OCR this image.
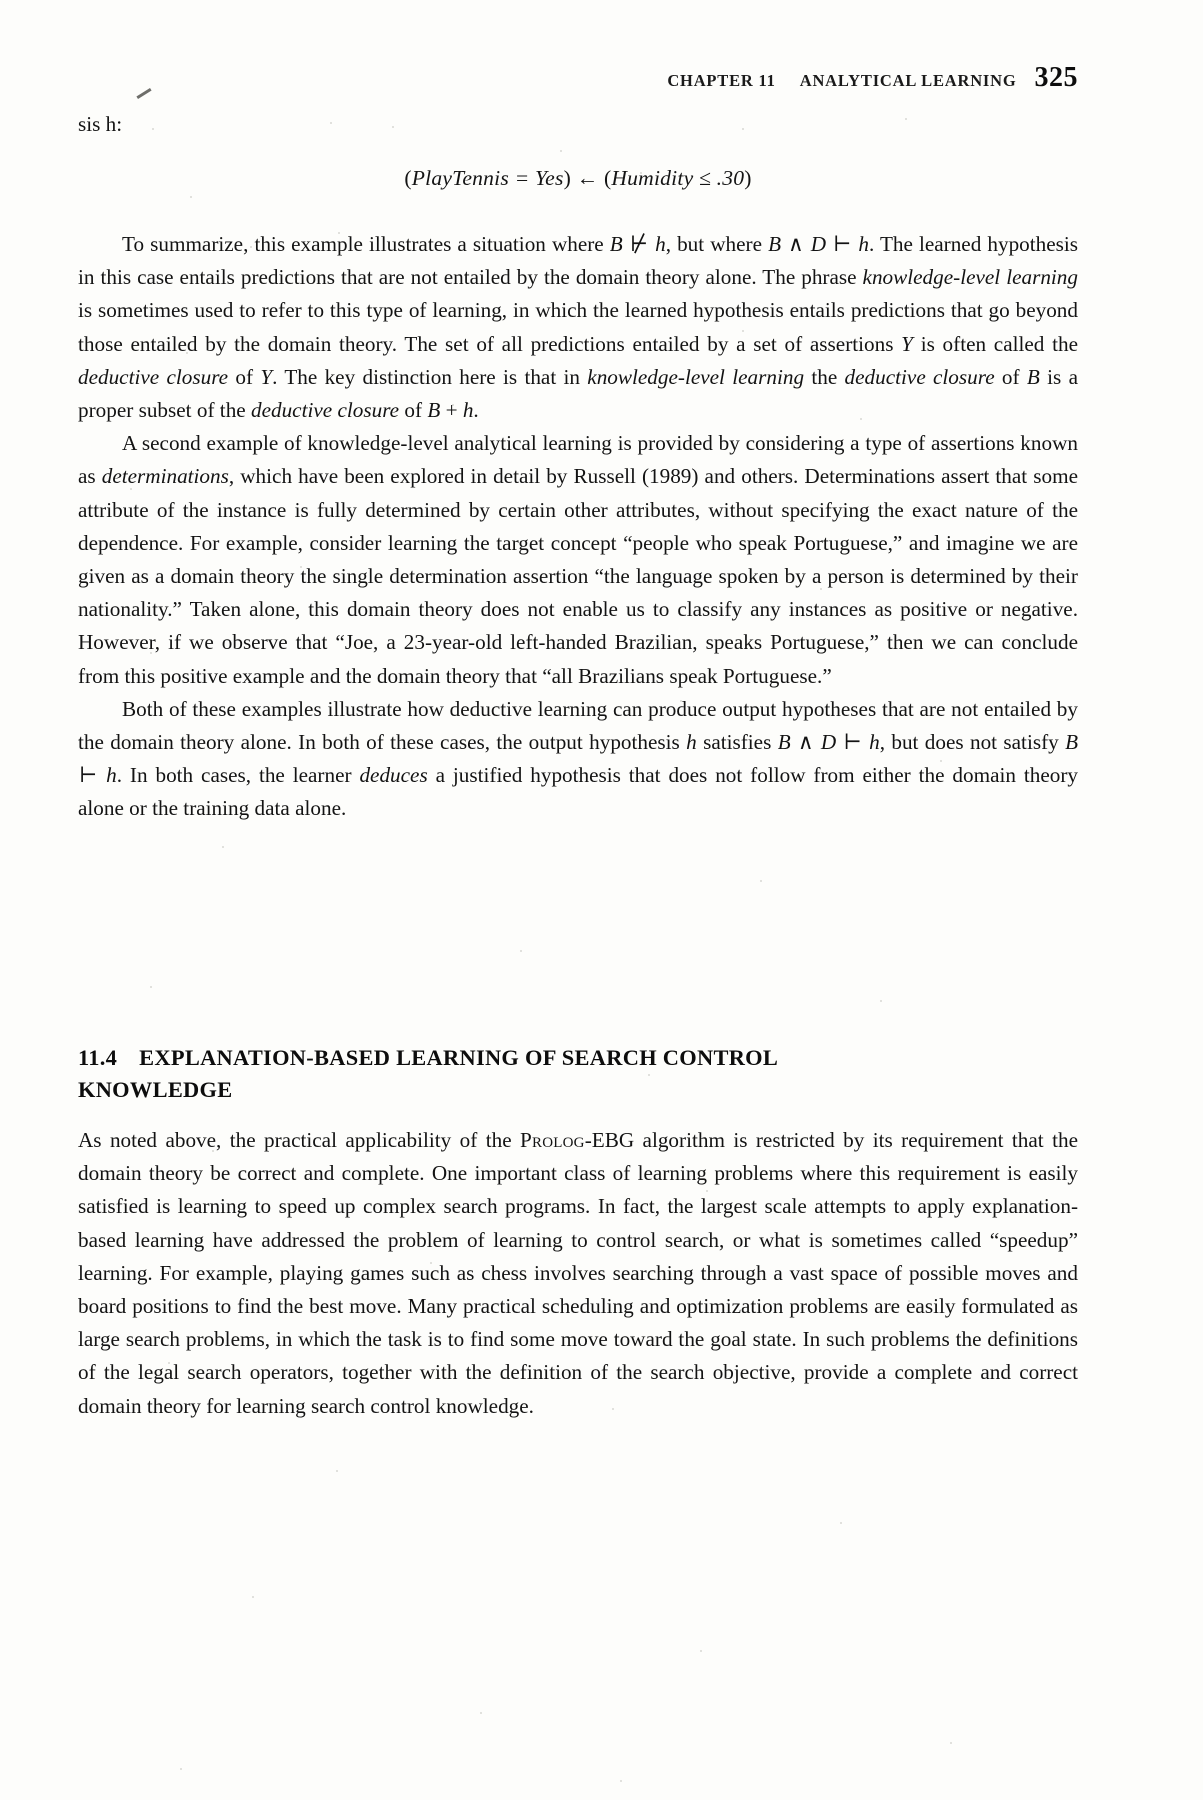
CHAPTER 11 ANALYTICAL LEARNING 325
sis h:
(PlayTennis = Yes) ← (Humidity ≤ .30)

To summarize, this example illustrates a situation where B ⊬ h, but where B ∧ D ⊢ h. The learned hypothesis in this case entails predictions that are not entailed by the domain theory alone. The phrase knowledge-level learning is sometimes used to refer to this type of learning, in which the learned hypothesis entails predictions that go beyond those entailed by the domain theory. The set of all predictions entailed by a set of assertions Y is often called the deductive closure of Y. The key distinction here is that in knowledge-level learning the deductive closure of B is a proper subset of the deductive closure of B + h.

A second example of knowledge-level analytical learning is provided by considering a type of assertions known as determinations, which have been explored in detail by Russell (1989) and others. Determinations assert that some attribute of the instance is fully determined by certain other attributes, without specifying the exact nature of the dependence. For example, consider learning the target concept “people who speak Portuguese,” and imagine we are given as a domain theory the single determination assertion “the language spoken by a person is determined by their nationality.” Taken alone, this domain theory does not enable us to classify any instances as positive or negative. However, if we observe that “Joe, a 23-year-old left-handed Brazilian, speaks Portuguese,” then we can conclude from this positive example and the domain theory that “all Brazilians speak Portuguese.”

Both of these examples illustrate how deductive learning can produce output hypotheses that are not entailed by the domain theory alone. In both of these cases, the output hypothesis h satisfies B ∧ D ⊢ h, but does not satisfy B ⊢ h. In both cases, the learner deduces a justified hypothesis that does not follow from either the domain theory alone or the training data alone.

11.4 EXPLANATION-BASED LEARNING OF SEARCH CONTROL
KNOWLEDGE

As noted above, the practical applicability of the Prolog-EBG algorithm is restricted by its requirement that the domain theory be correct and complete. One important class of learning problems where this requirement is easily satisfied is learning to speed up complex search programs. In fact, the largest scale attempts to apply explanation-based learning have addressed the problem of learning to control search, or what is sometimes called “speedup” learning. For example, playing games such as chess involves searching through a vast space of possible moves and board positions to find the best move. Many practical scheduling and optimization problems are easily formulated as large search problems, in which the task is to find some move toward the goal state. In such problems the definitions of the legal search operators, together with the definition of the search objective, provide a complete and correct domain theory for learning search control knowledge.
